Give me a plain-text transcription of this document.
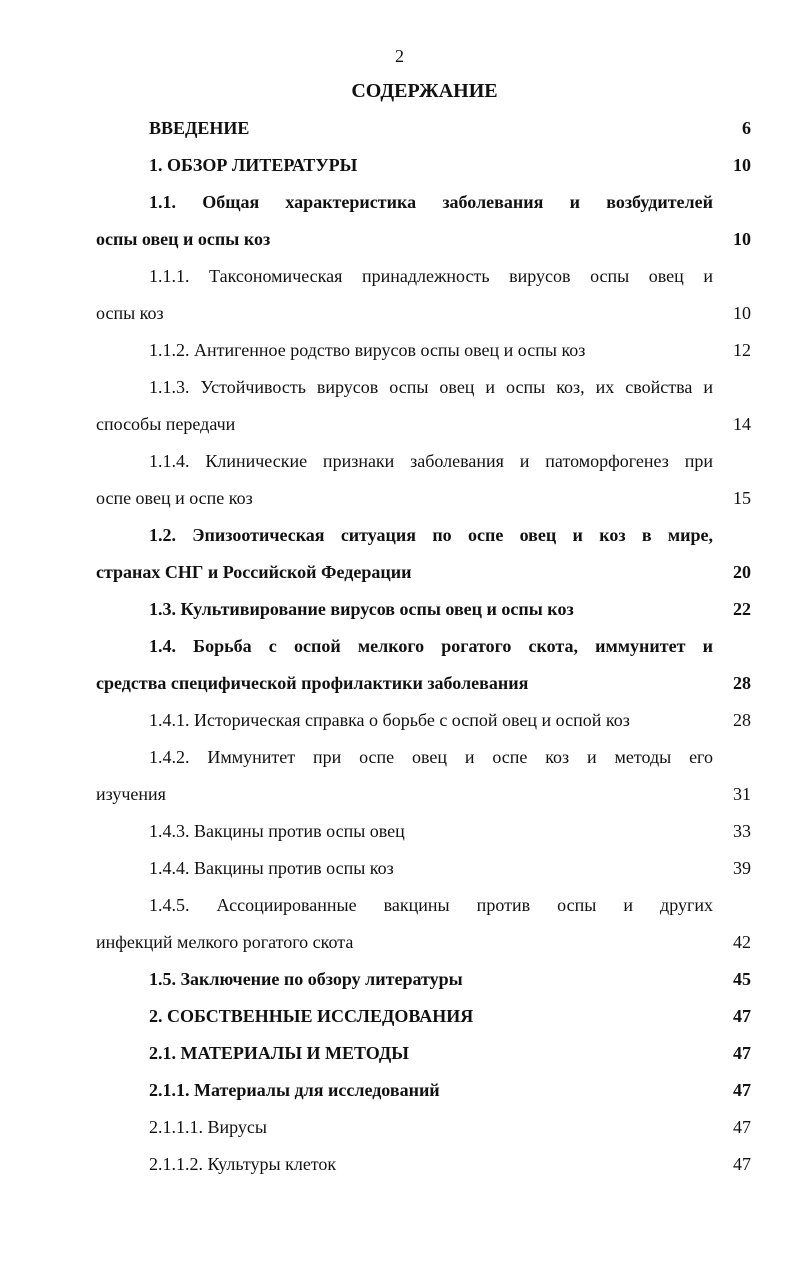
2
СОДЕРЖАНИЕ
ВВЕДЕНИЕ	6
1. ОБЗОР ЛИТЕРАТУРЫ	10
1.1. Общая характеристика заболевания и возбудителей
оспы овец и оспы коз	10
1.1.1. Таксономическая принадлежность вирусов оспы овец и
оспы коз	10
1.1.2. Антигенное родство вирусов оспы овец и оспы коз	12
1.1.3. Устойчивость вирусов оспы овец и оспы коз, их свойства и
способы передачи	14
1.1.4. Клинические признаки заболевания и патоморфогенез при
оспе овец и оспе коз	15
1.2. Эпизоотическая ситуация по оспе овец и коз в мире,
странах СНГ и Российской Федерации	20
1.3. Культивирование вирусов оспы овец и оспы коз	22
1.4. Борьба с оспой мелкого рогатого скота, иммунитет и
средства специфической профилактики заболевания	28
1.4.1. Историческая справка о борьбе с оспой овец и оспой коз	28
1.4.2. Иммунитет при оспе овец и оспе коз и методы его
изучения	31
1.4.3. Вакцины против оспы овец	33
1.4.4. Вакцины против оспы коз	39
1.4.5. Ассоциированные вакцины против оспы и других
инфекций мелкого рогатого скота	42
1.5. Заключение по обзору литературы	45
2. СОБСТВЕННЫЕ ИССЛЕДОВАНИЯ	47
2.1. МАТЕРИАЛЫ И МЕТОДЫ	47
2.1.1. Материалы для исследований	47
2.1.1.1. Вирусы	47
2.1.1.2. Культуры клеток	47
